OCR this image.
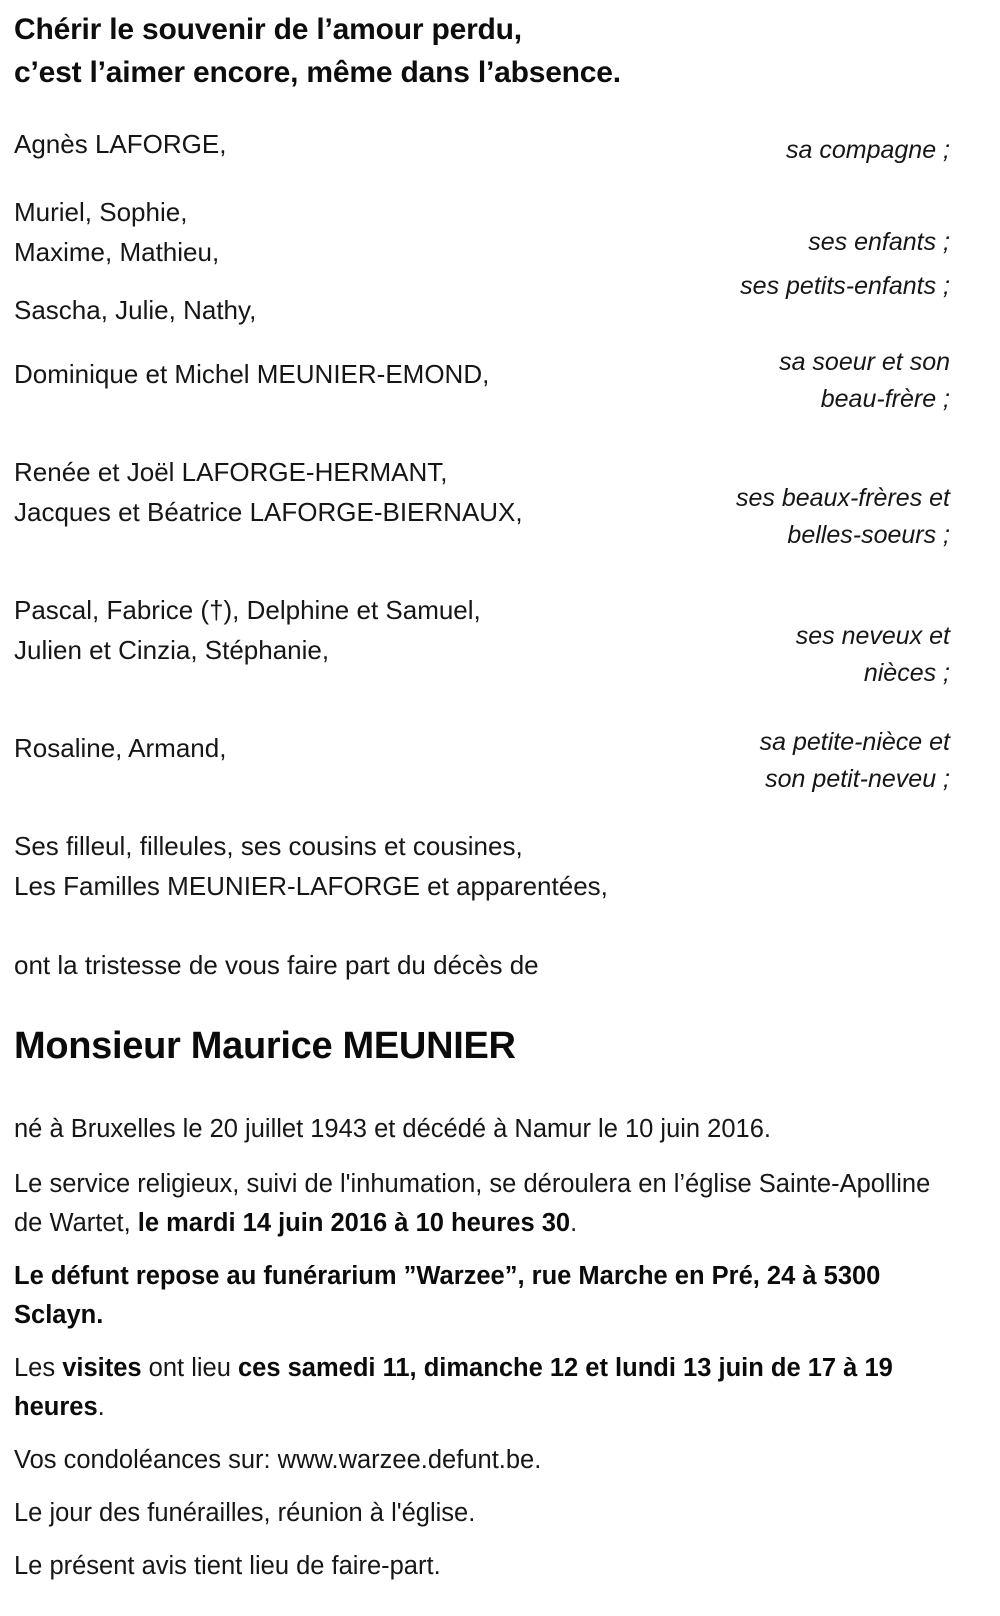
Chérir le souvenir de l’amour perdu,
c’est l’aimer encore, même dans l’absence.
Agnès LAFORGE,
Muriel, Sophie,
Maxime, Mathieu,
Sascha, Julie, Nathy,
Dominique et Michel MEUNIER-EMOND,
Renée et Joël LAFORGE-HERMANT,
Jacques et Béatrice LAFORGE-BIERNAUX,
Pascal, Fabrice (†), Delphine et Samuel,
Julien et Cinzia, Stéphanie,
Rosaline, Armand,
Ses filleul, filleules, ses cousins et cousines,
Les Familles MEUNIER-LAFORGE et apparentées,
sa compagne ;
ses enfants ;
ses petits-enfants ;
sa soeur et son
beau-frère ;
ses beaux-frères et
belles-soeurs ;
ses neveux et
nièces ;
sa petite-nièce et
son petit-neveu ;
ont la tristesse de vous faire part du décès de
Monsieur Maurice MEUNIER

né à Bruxelles le 20 juillet 1943 et décédé à Namur le 10 juin 2016.

Le service religieux, suivi de l'inhumation, se déroulera en l’église Sainte-Apolline de Wartet, le mardi 14 juin 2016 à 10 heures 30.

Le défunt repose au funérarium ”Warzee”, rue Marche en Pré, 24 à 5300 Sclayn.

Les visites ont lieu ces samedi 11, dimanche 12 et lundi 13 juin de 17 à 19 heures.

Vos condoléances sur: www.warzee.defunt.be.

Le jour des funérailles, réunion à l'église.

Le présent avis tient lieu de faire-part.
